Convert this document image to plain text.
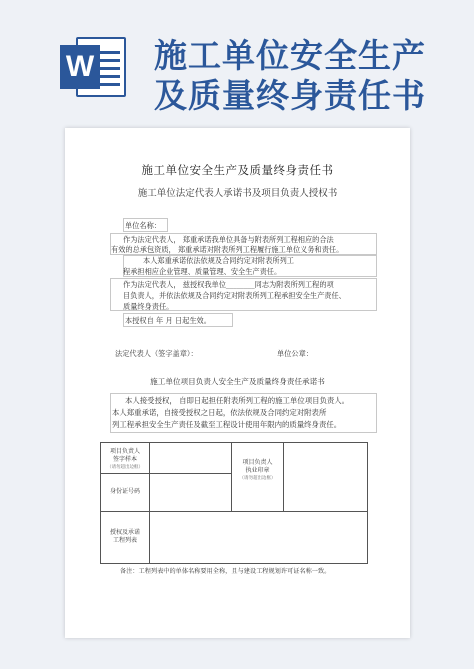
W 施工单位安全生产
及质量终身责任书
施工单位安全生产及质量终身责任书
施工单位法定代表人承诺书及项目负责人授权书
单位名称：
作为法定代表人， 郑重承诺我单位具备与附表所列工程相应的合法
有效的总承包资质， 郑重承诺对附表所列工程履行施工单位义务和责任。
本人郑重承诺依法依规及合同约定对附表所列工
程承担相应企业管理、质量管理、安全生产责任。
作为法定代表人， 兹授权我单位________同志为附表所列工程的项
目负责人，并依法依规及合同约定对附表所列工程承担安全生产责任、
质量终身责任。
本授权自 年 月 日起生效。
法定代表人（签字盖章）：	单位公章：
施工单位项目负责人安全生产及质量终身责任承诺书
本人接受授权， 自即日起担任附表所列工程的施工单位项目负责人。
本人郑重承诺，自接受授权之日起，依法依规及合同约定对附表所
列工程承担安全生产责任及截至工程设计使用年限内的质量终身责任。
项目负责人
签字样本
（请勿超出边框）
身份证号码
项目负责人
执业印章
（请勿超出边框）
授权及承诺
工程列表
备注：工程列表中的单体名称要用全称，且与建设工程规划许可证名称一致。
